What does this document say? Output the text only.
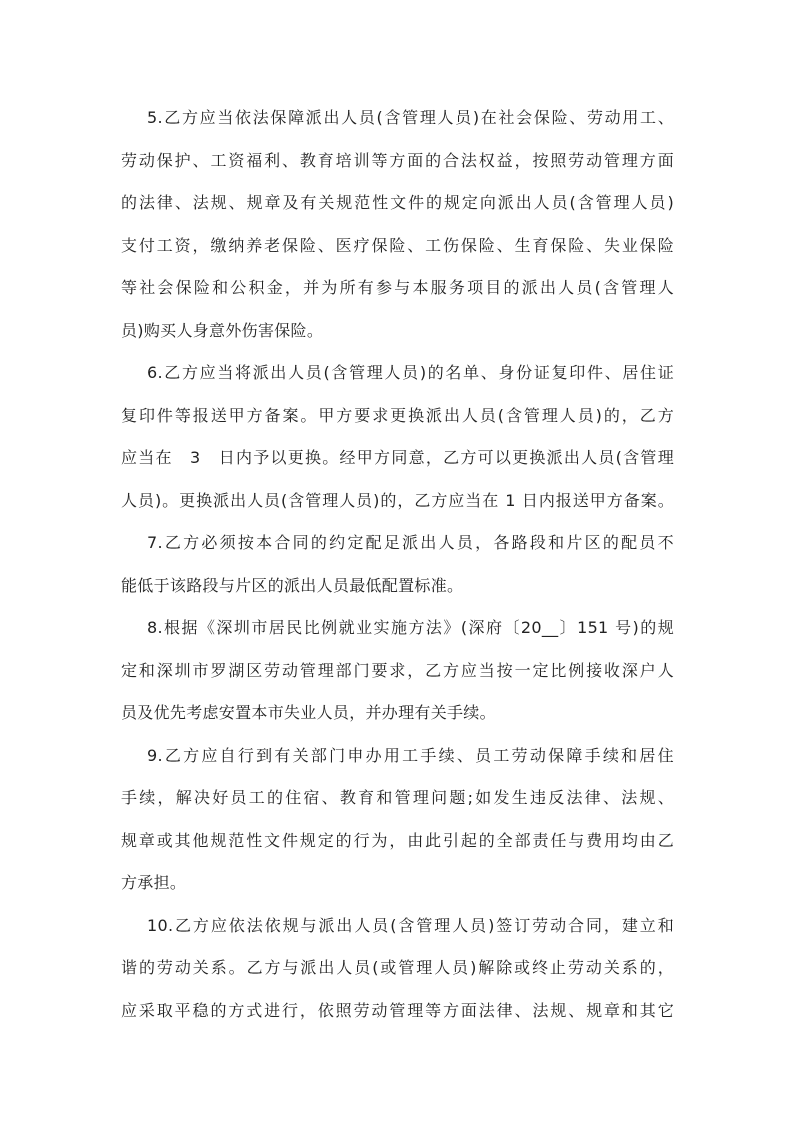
5.乙方应当依法保障派出人员(含管理人员)在社会保险、劳动用工、
劳动保护、工资福利、教育培训等方面的合法权益，按照劳动管理方面
的法律、法规、规章及有关规范性文件的规定向派出人员(含管理人员)
支付工资，缴纳养老保险、医疗保险、工伤保险、生育保险、失业保险
等社会保险和公积金，并为所有参与本服务项目的派出人员(含管理人
员)购买人身意外伤害保险。
6.乙方应当将派出人员(含管理人员)的名单、身份证复印件、居住证
复印件等报送甲方备案。甲方要求更换派出人员(含管理人员)的，乙方
应当在　3　日内予以更换。经甲方同意，乙方可以更换派出人员(含管理
人员)。更换派出人员(含管理人员)的，乙方应当在 1 日内报送甲方备案。
7.乙方必须按本合同的约定配足派出人员，各路段和片区的配员不
能低于该路段与片区的派出人员最低配置标准。
8.根据《深圳市居民比例就业实施方法》(深府〔20__〕151 号)的规
定和深圳市罗湖区劳动管理部门要求，乙方应当按一定比例接收深户人
员及优先考虑安置本市失业人员，并办理有关手续。
9.乙方应自行到有关部门申办用工手续、员工劳动保障手续和居住
手续，解决好员工的住宿、教育和管理问题;如发生违反法律、法规、
规章或其他规范性文件规定的行为，由此引起的全部责任与费用均由乙
方承担。
10.乙方应依法依规与派出人员(含管理人员)签订劳动合同，建立和
谐的劳动关系。乙方与派出人员(或管理人员)解除或终止劳动关系的，
应采取平稳的方式进行，依照劳动管理等方面法律、法规、规章和其它
